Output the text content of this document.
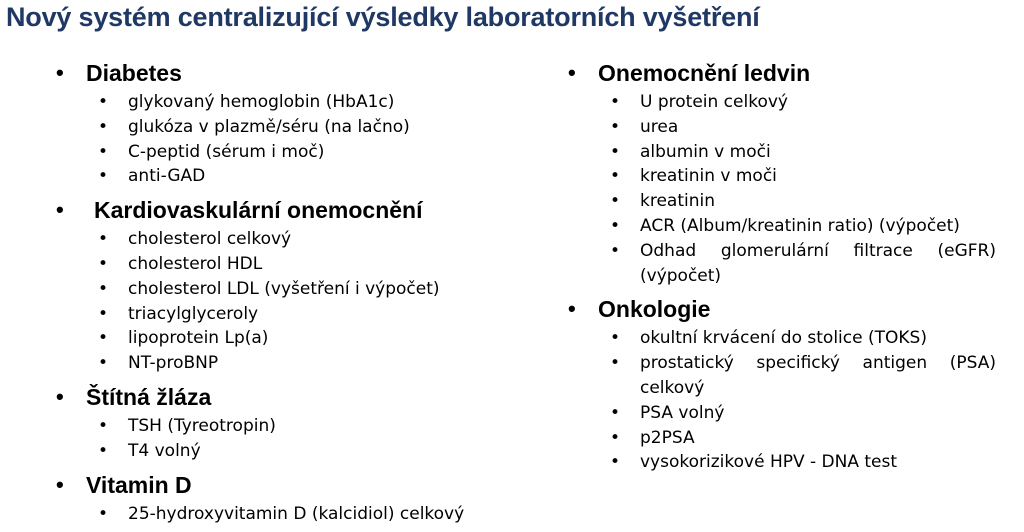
Nový systém centralizující výsledky laboratorních vyšetření
• Diabetes
• glykovaný hemoglobin (HbA1c)
• glukóza v plazmě/séru (na lačno)
• C-peptid (sérum i moč)
• anti-GAD
• Kardiovaskulární onemocnění
• cholesterol celkový
• cholesterol HDL
• cholesterol LDL (vyšetření i výpočet)
• triacylglyceroly
• lipoprotein Lp(a)
• NT-proBNP
• Štítná žláza
• TSH (Tyreotropin)
• T4 volný
• Vitamin D
• 25-hydroxyvitamin D (kalcidiol) celkový
• Onemocnění ledvin
• U protein celkový
• urea
• albumin v moči
• kreatinin v moči
• kreatinin
• ACR (Album/kreatinin ratio) (výpočet)
• Odhad glomerulární filtrace (eGFR) (výpočet)
• Onkologie
• okultní krvácení do stolice (TOKS)
• prostatický specifický antigen (PSA) celkový
• PSA volný
• p2PSA
• vysokorizikové HPV - DNA test
